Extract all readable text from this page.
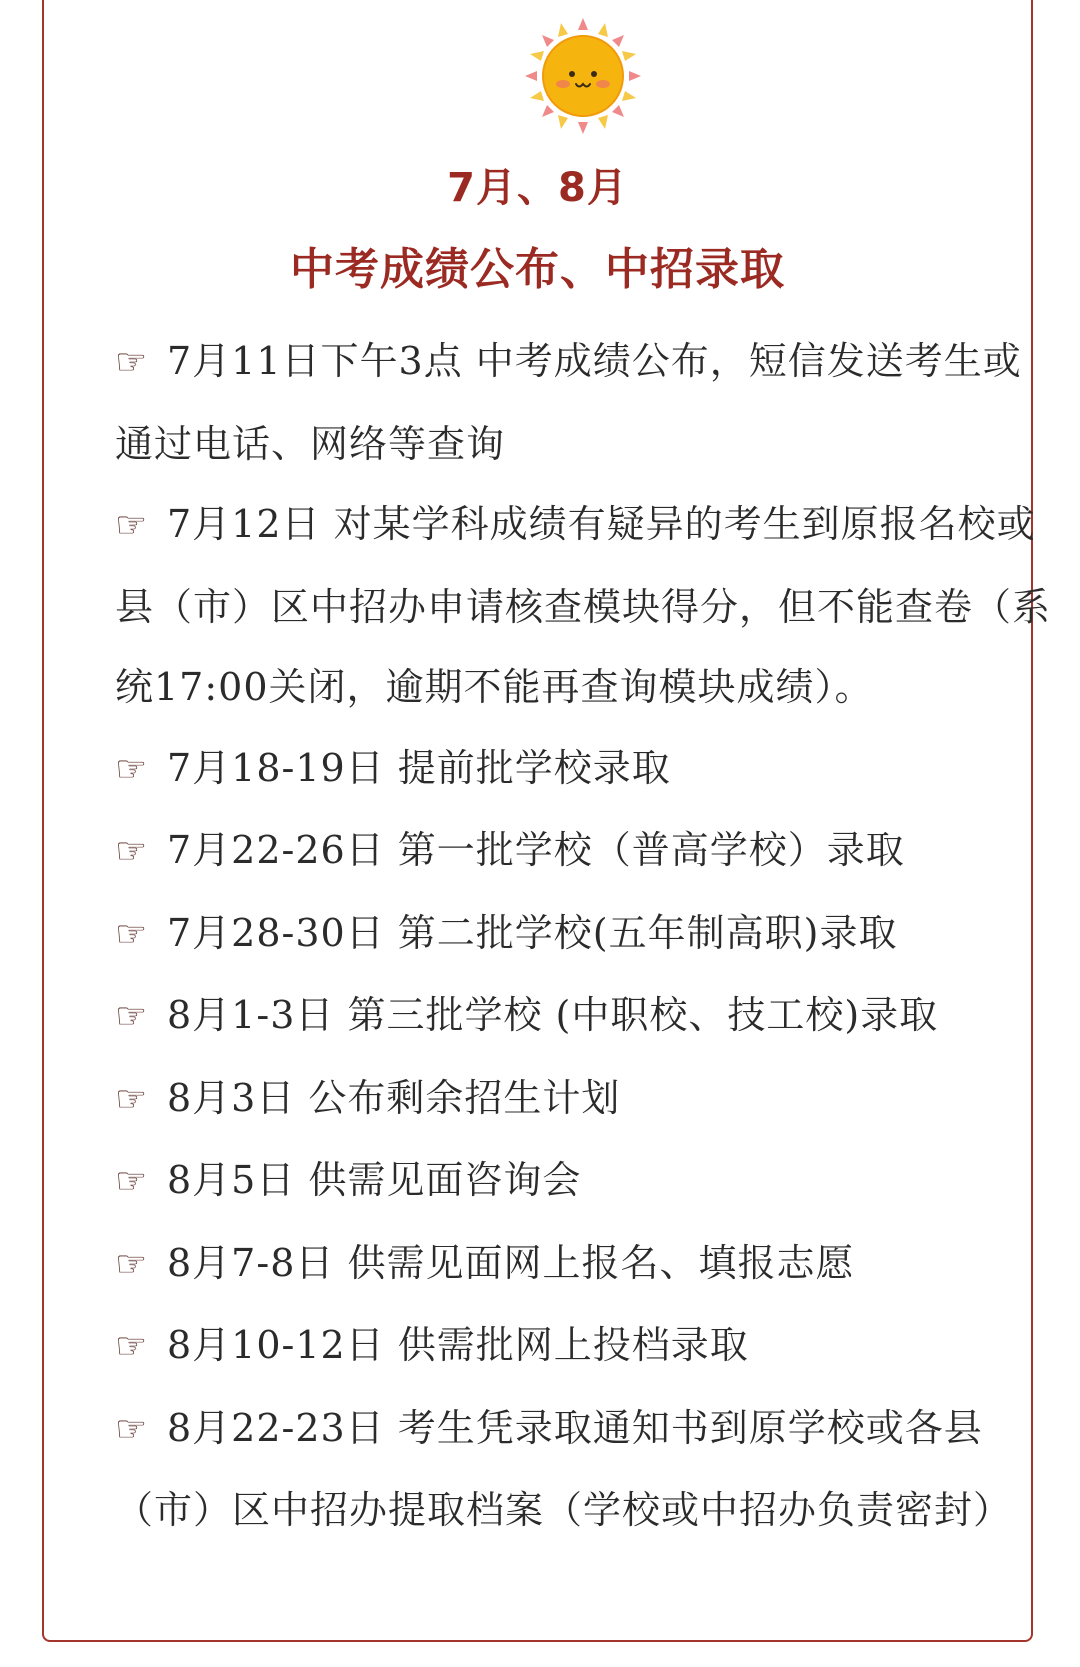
7月、8月
中考成绩公布、中招录取
☞ 7月11日下午3点 中考成绩公布，短信发送考生或通过电话、网络等查询
☞ 7月12日 对某学科成绩有疑异的考生到原报名校或县（市）区中招办申请核查模块得分，但不能查卷（系统17:00关闭，逾期不能再查询模块成绩）。
☞ 7月18-19日 提前批学校录取
☞ 7月22-26日 第一批学校（普高学校）录取
☞ 7月28-30日 第二批学校(五年制高职)录取
☞ 8月1-3日 第三批学校 (中职校、技工校)录取
☞ 8月3日 公布剩余招生计划
☞ 8月5日 供需见面咨询会
☞ 8月7-8日 供需见面网上报名、填报志愿
☞ 8月10-12日 供需批网上投档录取
☞ 8月22-23日 考生凭录取通知书到原学校或各县（市）区中招办提取档案（学校或中招办负责密封）
